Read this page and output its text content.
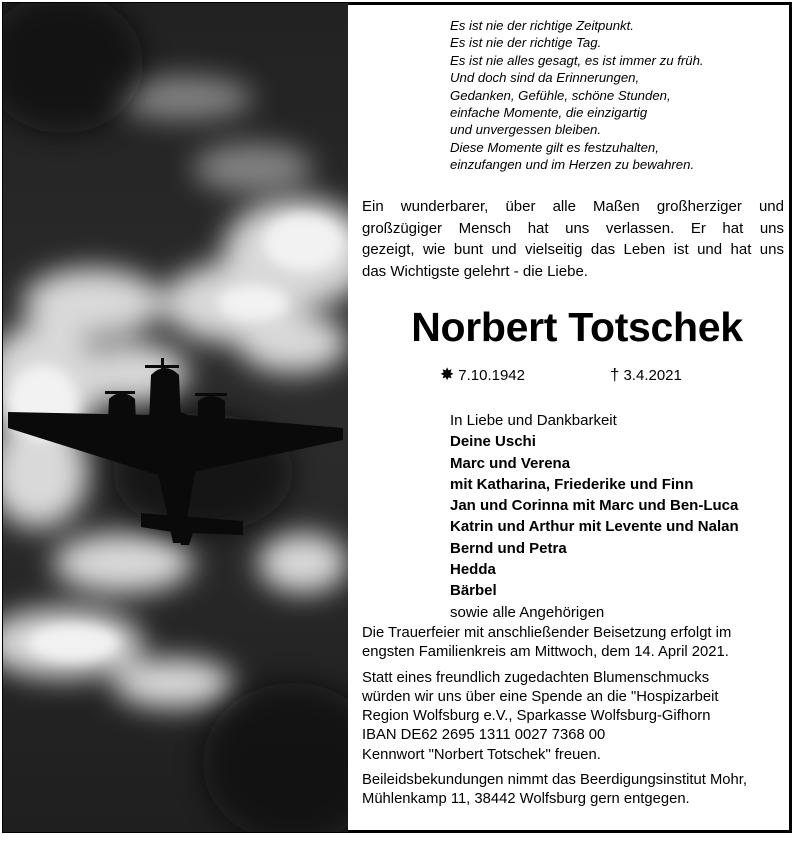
Es ist nie der richtige Zeitpunkt.
Es ist nie der richtige Tag.
Es ist nie alles gesagt, es ist immer zu früh.
Und doch sind da Erinnerungen,
Gedanken, Gefühle, schöne Stunden,
einfache Momente, die einzigartig
und unvergessen bleiben.
Diese Momente gilt es festzuhalten,
einzufangen und im Herzen zu bewahren.
Ein wunderbarer, über alle Maßen großherziger und
großzügiger Mensch hat uns verlassen. Er hat uns
gezeigt, wie bunt und vielseitig das Leben ist und hat uns
das Wichtigste gelehrt - die Liebe.
Norbert Totschek
✸ 7.10.1942	† 3.4.2021
In Liebe und Dankbarkeit
Deine Uschi
Marc und Verena
mit Katharina, Friederike und Finn
Jan und Corinna mit Marc und Ben-Luca
Katrin und Arthur mit Levente und Nalan
Bernd und Petra
Hedda
Bärbel
sowie alle Angehörigen
Die Trauerfeier mit anschließender Beisetzung erfolgt im
engsten Familienkreis am Mittwoch, dem 14. April 2021.
Statt eines freundlich zugedachten Blumenschmucks
würden wir uns über eine Spende an die "Hospizarbeit
Region Wolfsburg e.V., Sparkasse Wolfsburg-Gifhorn
IBAN DE62 2695 1311 0027 7368 00
Kennwort "Norbert Totschek" freuen.
Beileidsbekundungen nimmt das Beerdigungsinstitut Mohr,
Mühlenkamp 11, 38442 Wolfsburg gern entgegen.
